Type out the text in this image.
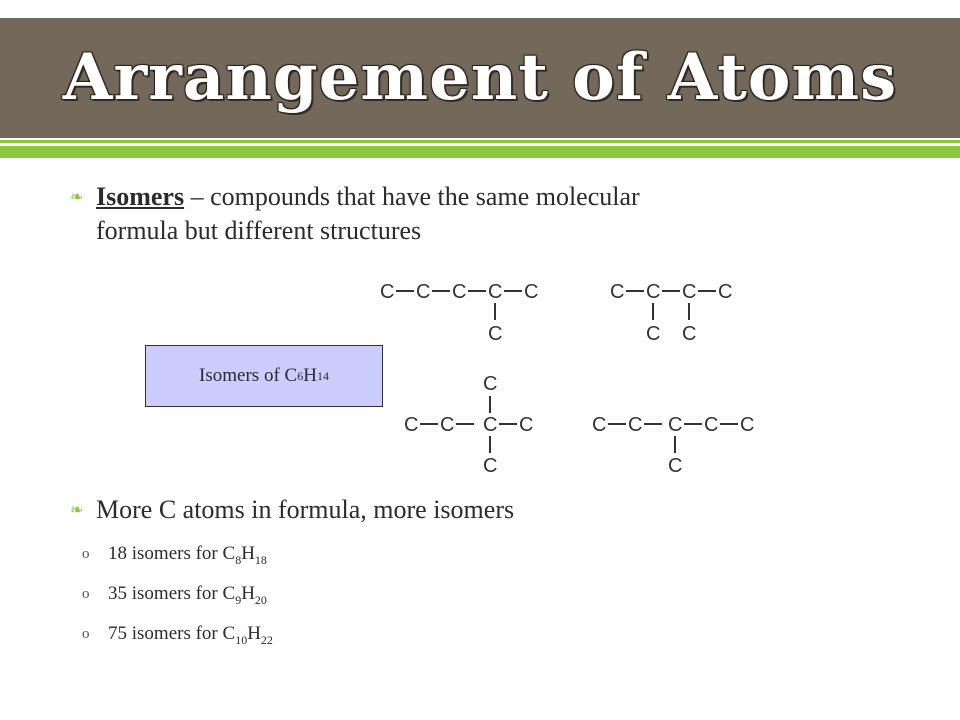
Arrangement of Atoms
❧ Isomers – compounds that have the same molecular
formula but different structures
Isomers of C 6 H 14
C C C C C
C
C C C C
C C
C
C C C C
C
C C C C C
C
❧ More C atoms in formula, more isomers
o 18 isomers for $C_8H_{18}$
o 35 isomers for $C_9H_{20}$
o 75 isomers for $C_{10}H_{22}$
